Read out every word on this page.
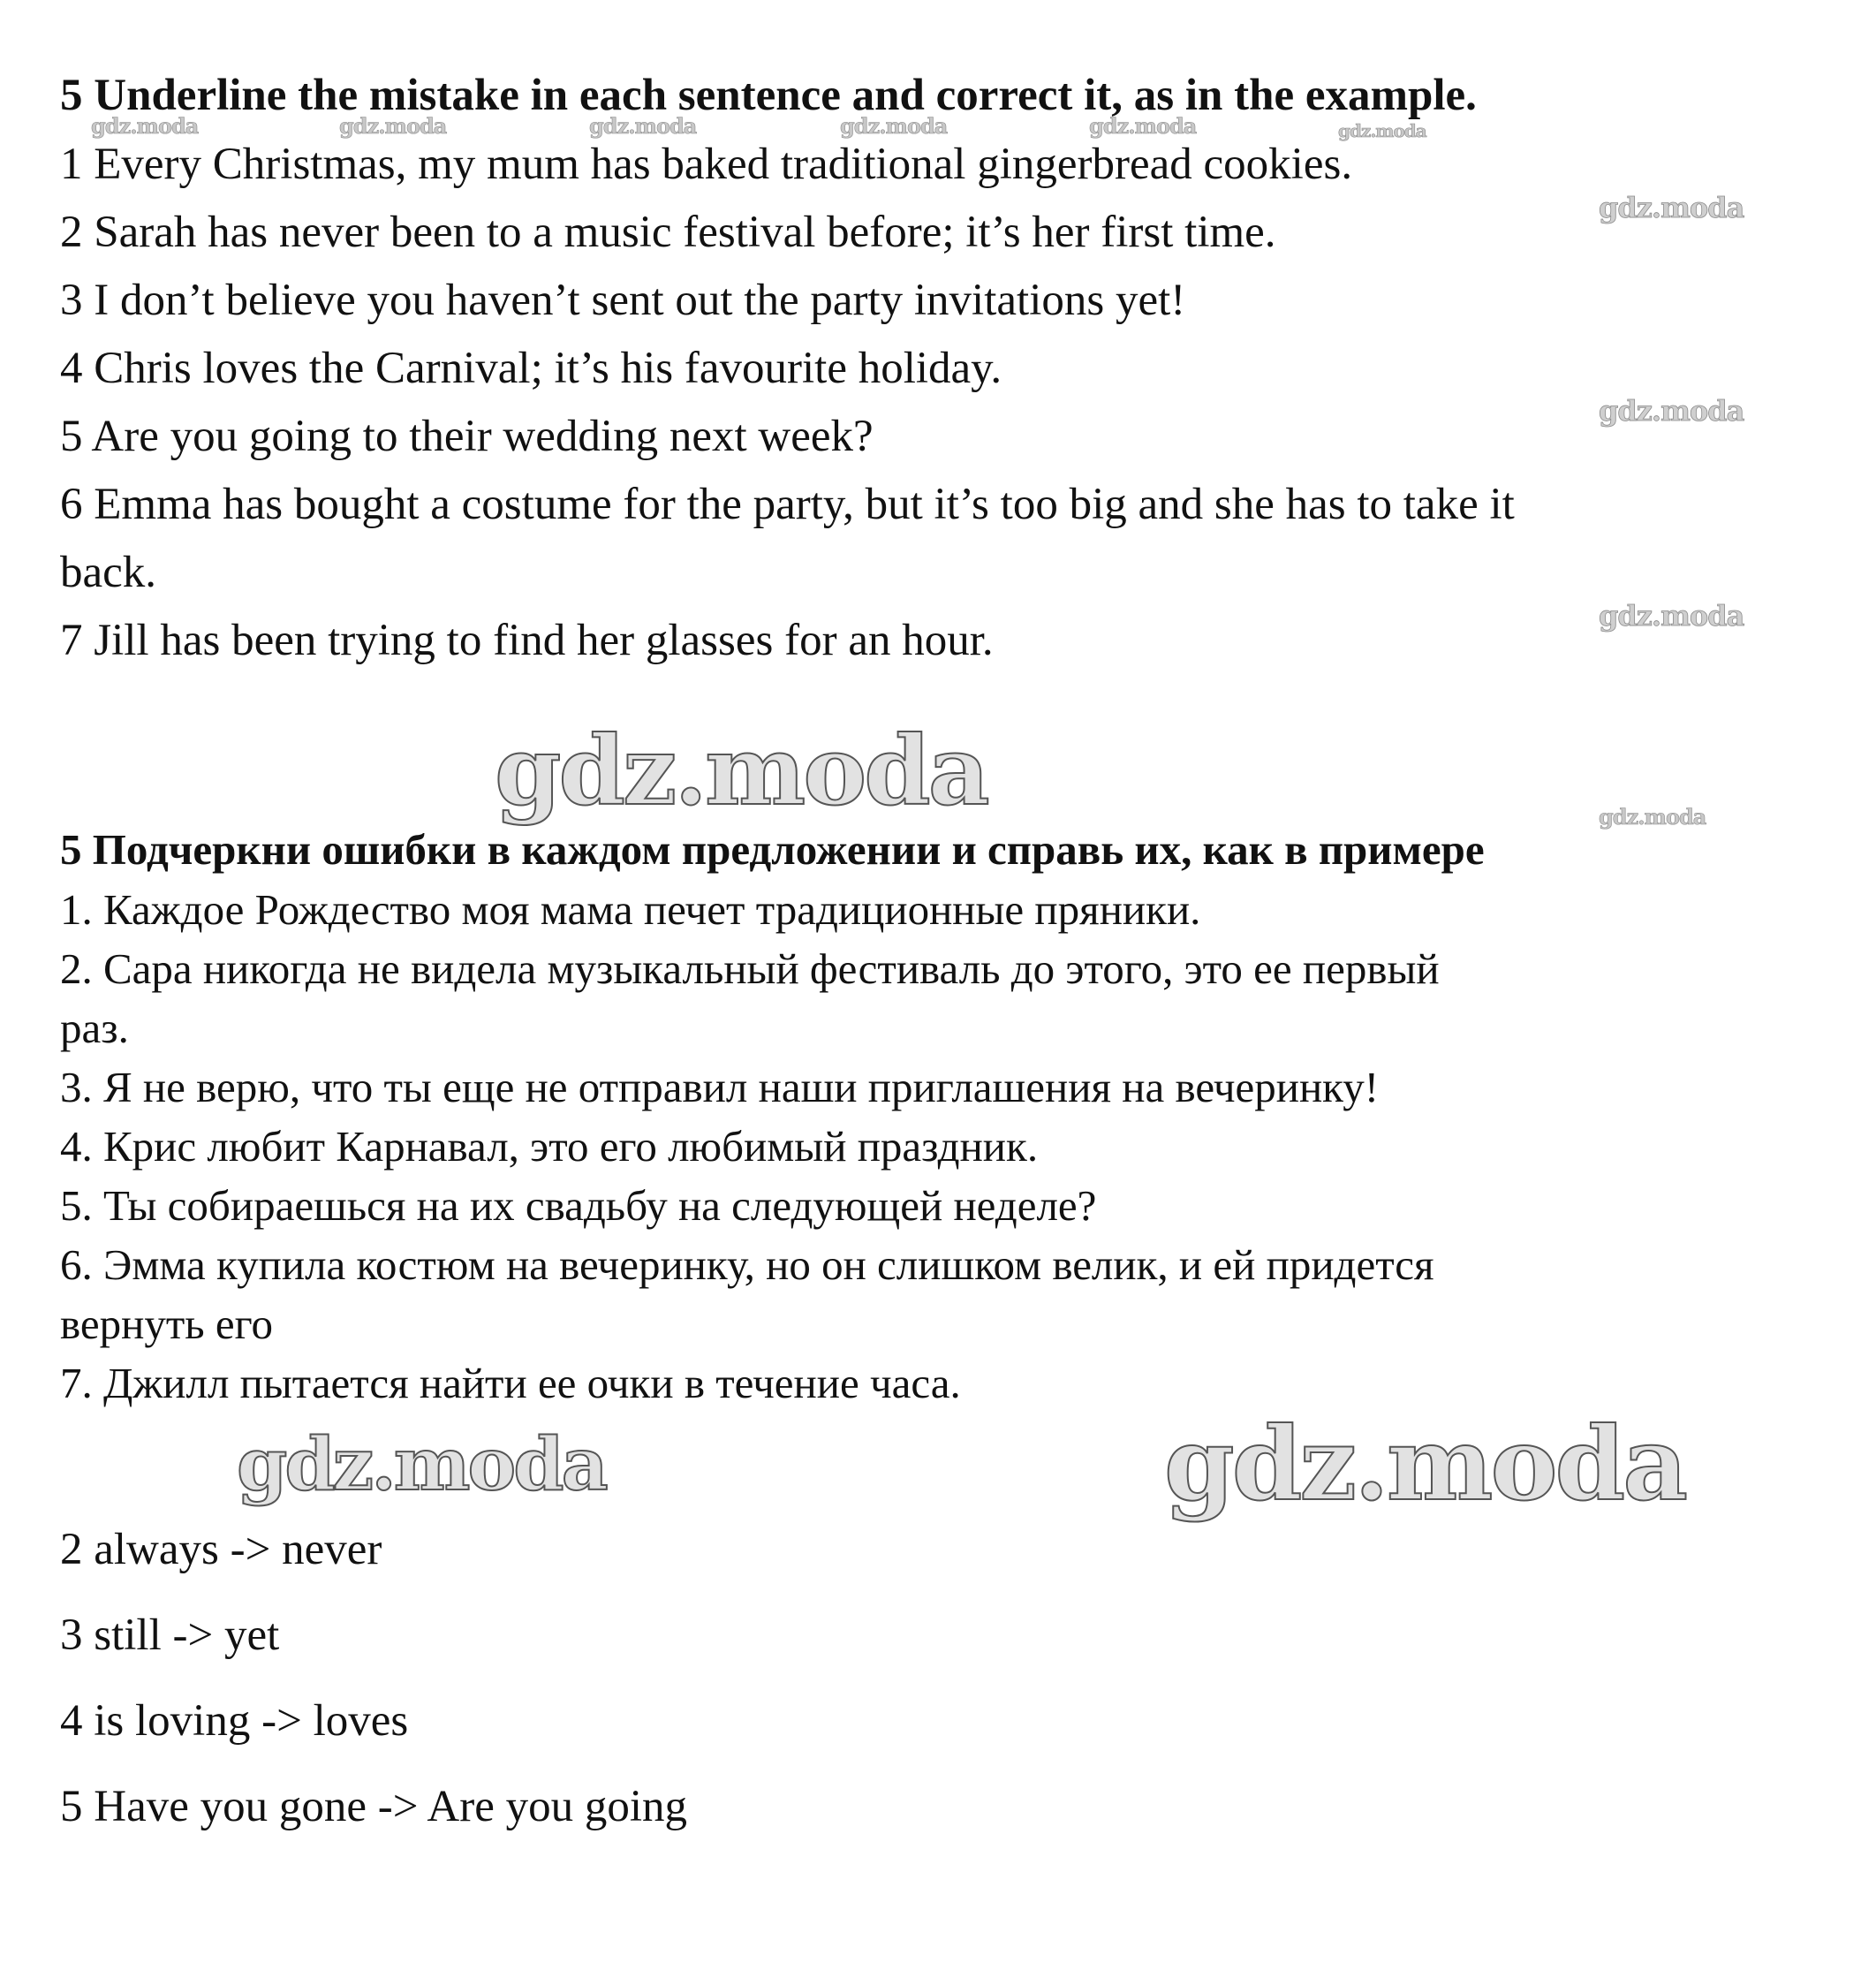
5 Underline the mistake in each sentence and correct it, as in the example.
1 Every Christmas, my mum has baked traditional gingerbread cookies.
2 Sarah has never been to a music festival before; it’s her first time.
3 I don’t believe you haven’t sent out the party invitations yet!
4 Chris loves the Carnival; it’s his favourite holiday.
5 Are you going to their wedding next week?
6 Emma has bought a costume for the party, but it’s too big and she has to take it
back.
7 Jill has been trying to find her glasses for an hour.
5 Подчеркни ошибки в каждом предложении и справь их, как в примере
1. Каждое Рождество моя мама печет традиционные пряники.
2. Сара никогда не видела музыкальный фестиваль до этого, это ее первый
раз.
3. Я не верю, что ты еще не отправил наши приглашения на вечеринку!
4. Крис любит Карнавал, это его любимый праздник.
5. Ты собираешься на их свадьбу на следующей неделе?
6. Эмма купила костюм на вечеринку, но он слишком велик, и ей придется
вернуть его
7. Джилл пытается найти ее очки в течение часа.
2 always -> never
3 still -> yet
4 is loving -> loves
5 Have you gone -> Are you going
gdz.moda	gdz.moda	gdz.moda	gdz.moda	gdz.moda	gdz.moda
gdz.moda
gdz.moda
gdz.moda
gdz.moda
gdz.moda
gdz.moda	gdz.moda
